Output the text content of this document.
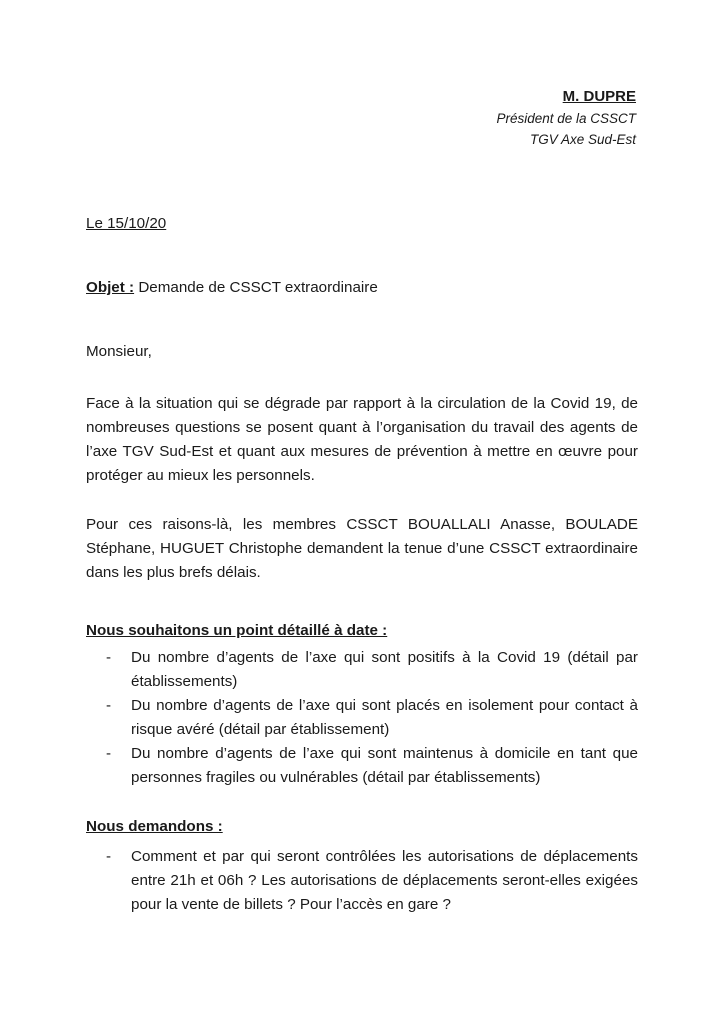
M. DUPRE
Président de la CSSCT
TGV Axe Sud-Est
Le 15/10/20
Objet : Demande de CSSCT extraordinaire
Monsieur,

Face à la situation qui se dégrade par rapport à la circulation de la Covid 19, de nombreuses questions se posent quant à l’organisation du travail des agents de l’axe TGV Sud-Est et quant aux mesures de prévention à mettre en œuvre pour protéger au mieux les personnels.

Pour ces raisons-là, les membres CSSCT BOUALLALI Anasse, BOULADE Stéphane, HUGUET Christophe demandent la tenue d’une CSSCT extraordinaire dans les plus brefs délais.

Nous souhaitons un point détaillé à date :
- Du nombre d’agents de l’axe qui sont positifs à la Covid 19 (détail par établissements)
- Du nombre d’agents de l’axe qui sont placés en isolement pour contact à risque avéré (détail par établissement)
- Du nombre d’agents de l’axe qui sont maintenus à domicile en tant que personnes fragiles ou vulnérables (détail par établissements)
Nous demandons :
- Comment et par qui seront contrôlées les autorisations de déplacements entre 21h et 06h ? Les autorisations de déplacements seront-elles exigées pour la vente de billets ? Pour l’accès en gare ?
